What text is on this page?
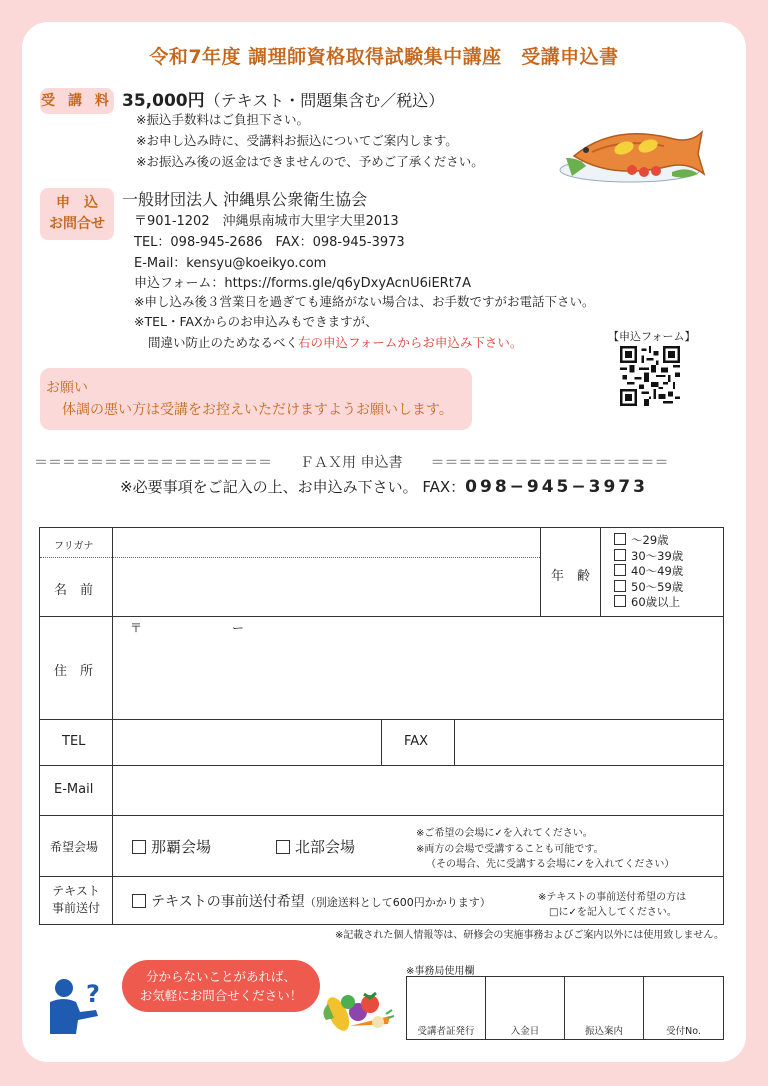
令和7年度 調理師資格取得試験集中講座　受講申込書
受 講 料 35,000円（テキスト・問題集含む／税込）
※振込手数料はご負担下さい。
※お申し込み時に、受講料お振込についてご案内します。
※お振込み後の返金はできませんので、予めご了承ください。
申　込
お問合せ
一般財団法人 沖縄県公衆衛生協会
〒901-1202　沖縄県南城市大里字大里2013
TEL：098-945-2686　FAX：098-945-3973
E-Mail：kensyu@koeikyo.com
申込フォーム：https://forms.gle/q6yDxyAcnU6iERt7A
※申し込み後３営業日を過ぎても連絡がない場合は、お手数ですがお電話下さい。
※TEL・FAXからのお申込みもできますが、
間違い防止のためなるべく右の申込フォームからお申込み下さい。	【申込フォーム】
お願い
体調の悪い方は受講をお控えいただけますようお願いします。
＝＝＝＝＝＝＝＝＝＝＝＝＝＝＝＝＝　　ＦＡＸ用 申込書　　＝＝＝＝＝＝＝＝＝＝＝＝＝＝＝＝＝
※必要事項をご記入の上、お申込み下さい。 FAX：098−945−3973
フリガナ
名　前
年　齢
～29歳
30～39歳
40～49歳
50～59歳
60歳以上
住　所
〒	ー
TEL	FAX
E-Mail
希望会場	那覇会場	北部会場
※ご希望の会場に✓を入れてください。
※両方の会場で受講することも可能です。
（その場合、先に受講する会場に✓を入れてください）
テキスト
事前送付	テキストの事前送付希望（別途送料として600円かかります）	※テキストの事前送付希望の方は
□に✓を記入してください。
※記載された個人情報等は、研修会の実施事務およびご案内以外には使用致しません。
?
分からないことがあれば、
お気軽にお問合せください！
※事務局使用欄
受講者証発行	入金日	振込案内	受付No.
